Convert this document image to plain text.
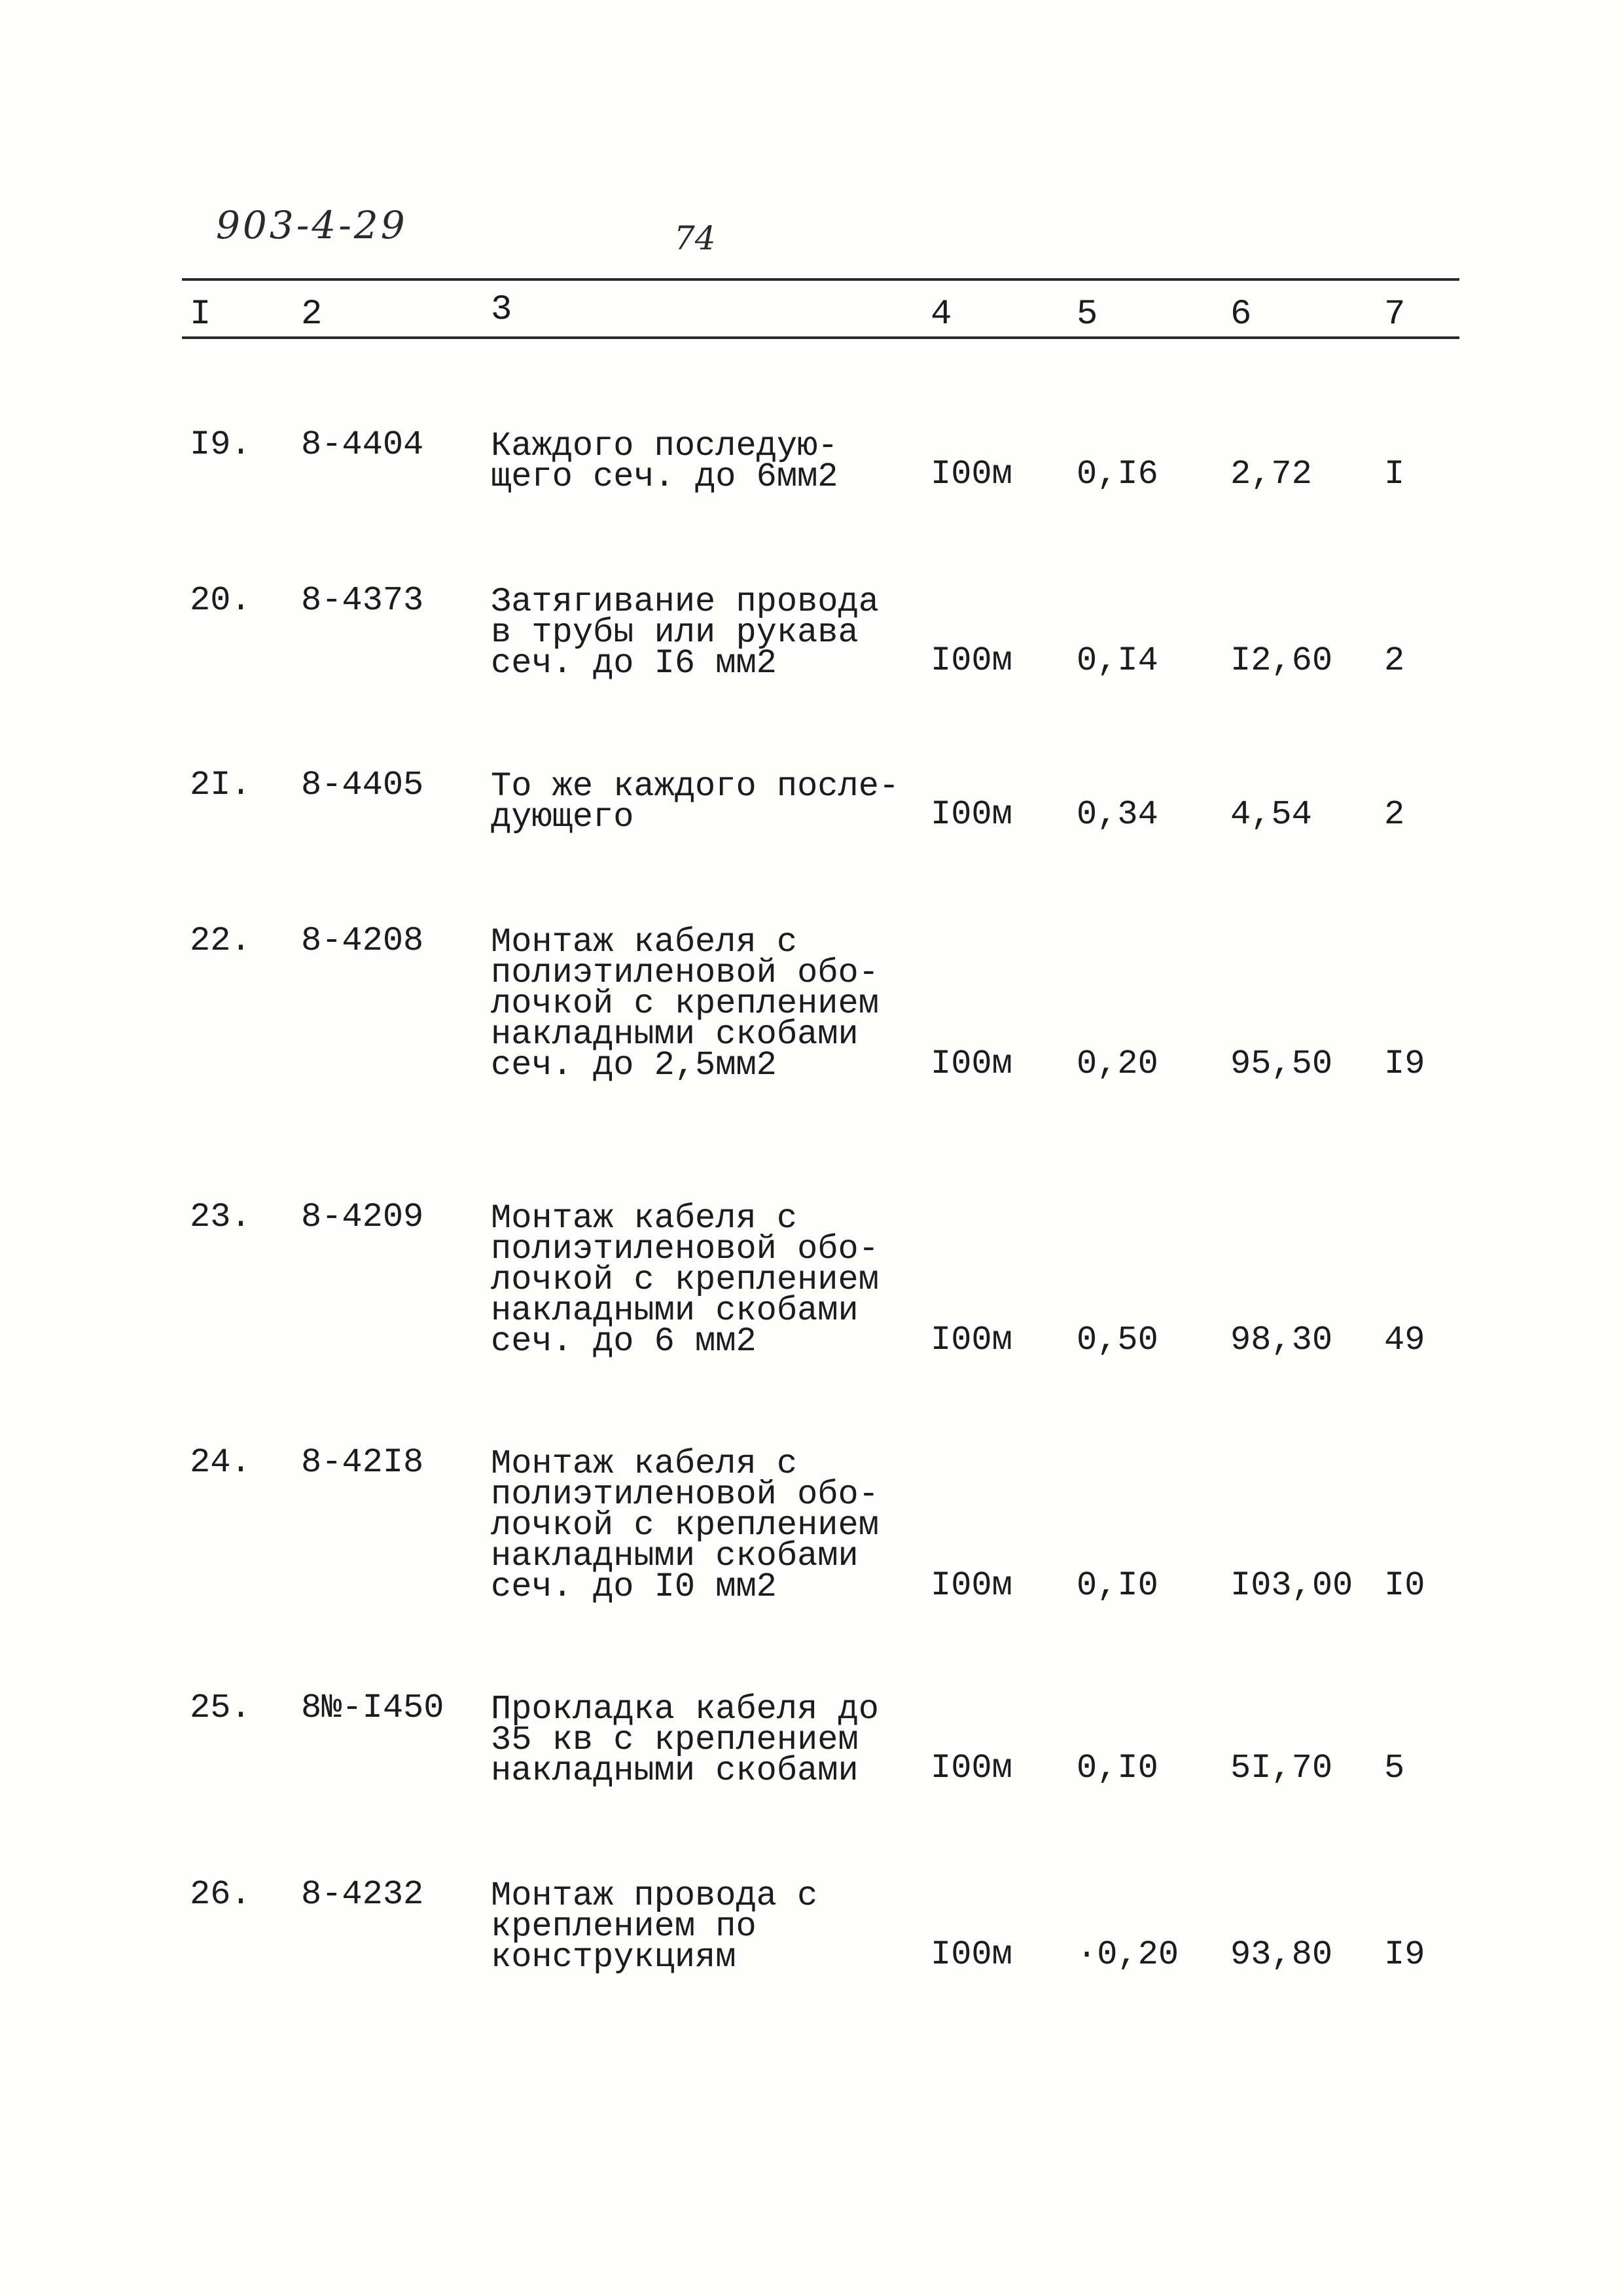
903-4-29	74
I	2	3	4	5	6	7
I9. 8-4404 Каждого последую-
щего сеч. до 6мм2	I00м 0,I6 2,72 I
20. 8-4373 Затягивание провода
в трубы или рукава
сеч. до I6 мм2	I00м 0,I4 I2,60 2
2I. 8-4405 То же каждого после-
дующего	I00м 0,34 4,54 2
22. 8-4208 Монтаж кабеля с
полиэтиленовой обо-
лочкой с креплением
накладными скобами
сеч. до 2,5мм2	I00м 0,20 95,50 I9
23. 8-4209 Монтаж кабеля с
полиэтиленовой обо-
лочкой с креплением
накладными скобами
сеч. до 6 мм2	I00м 0,50 98,30 49
24. 8-42I8 Монтаж кабеля с
полиэтиленовой обо-
лочкой с креплением
накладными скобами
сеч. до I0 мм2	I00м 0,I0 I03,00 I0
25. 8№-I450 Прокладка кабеля до
35 кв с креплением
накладными скобами	I00м 0,I0 5I,70 5
26. 8-4232 Монтаж провода с
креплением по
конструкциям	I00м ·0,20 93,80 I9
